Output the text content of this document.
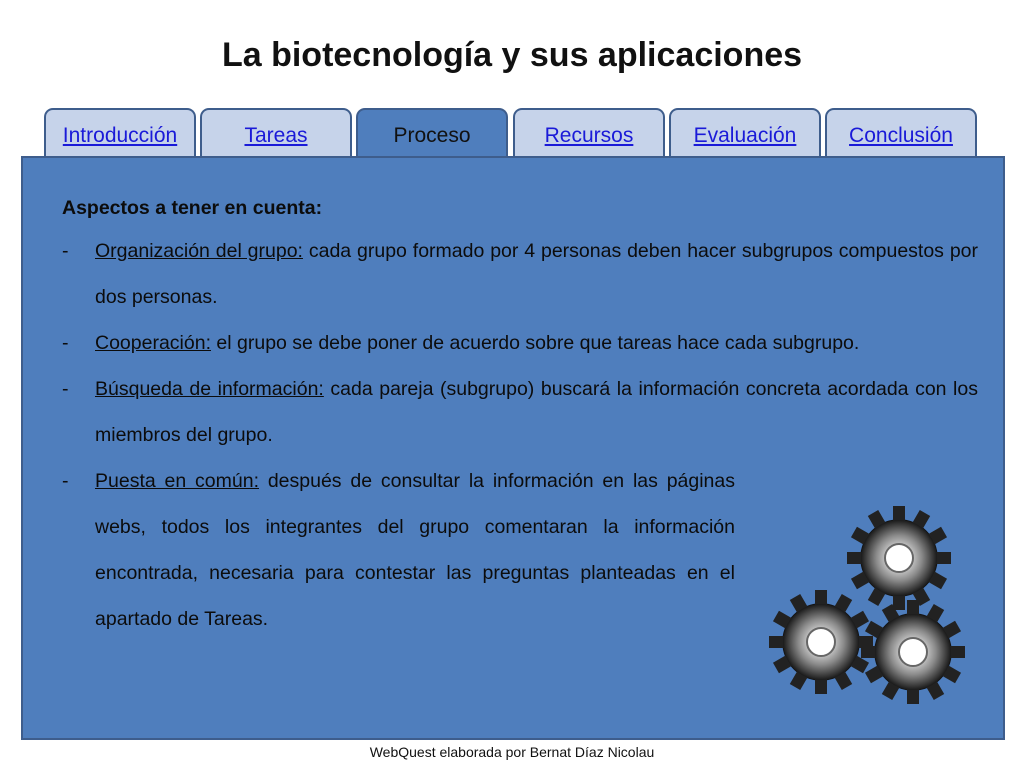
La biotecnología y sus aplicaciones
Introducción	Tareas	Proceso	Recursos	Evaluación	Conclusión
Aspectos a tener en cuenta:
- Organización del grupo: cada grupo formado por 4 personas deben hacer subgrupos compuestos por dos personas.
- Cooperación: el grupo se debe poner de acuerdo sobre que tareas hace cada subgrupo.
- Búsqueda de información: cada pareja (subgrupo) buscará la información concreta acordada con los miembros del grupo.
- Puesta en común: después de consultar la información en las páginas webs, todos los integrantes del grupo comentaran la información encontrada, necesaria para contestar las preguntas planteadas en el apartado de Tareas.
WebQuest elaborada por Bernat Díaz Nicolau
